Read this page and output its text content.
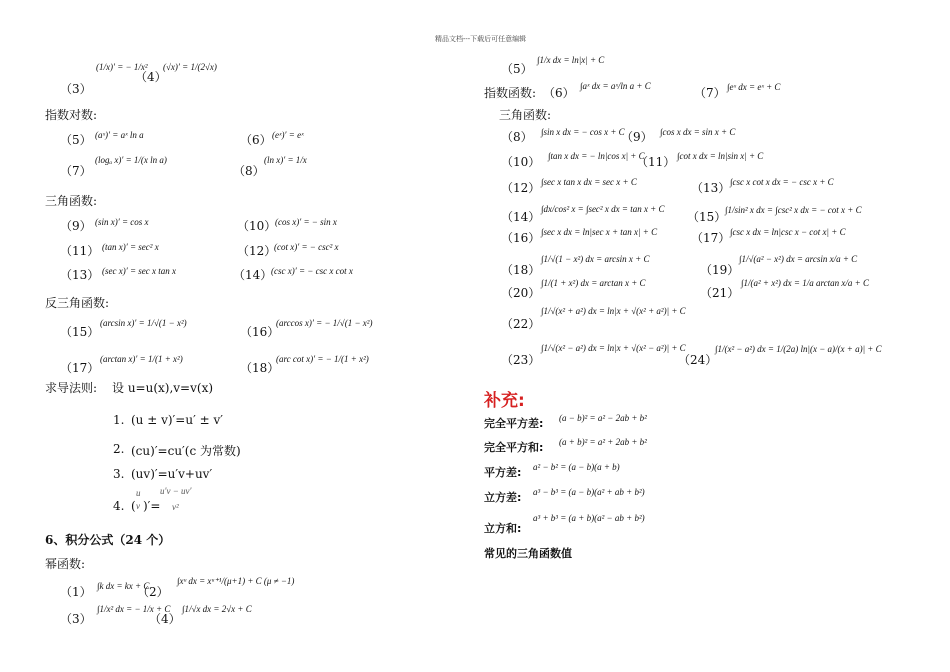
精品文档---下载后可任意编辑
(1/x)′ = − 1/x²
（3）
（4）
(√x)′ = 1/(2√x)
指数对数:
（5） (aˣ)′ = aˣ ln a	（6） (eˣ)′ = eˣ
（7）
(logₐ x)′ = 1/(x ln a)
（8）
(ln x)′ = 1/x
三角函数:
（9） (sin x)′ = cos x	（10）
(cos x)′ = − sin x
（11） (tan x)′ = sec² x	（12）
(cot x)′ = − csc² x
（13） (sec x)′ = sec x tan x	（14）
(csc x)′ = − csc x cot x
反三角函数:
（15）
(arcsin x)′ = 1/√(1 − x²)
（16）
(arccos x)′ = − 1/√(1 − x²)
（17）
(arctan x)′ = 1/(1 + x²)
（18）
(arc cot x)′ = − 1/(1 + x²)
求导法则: 设 u=u(x),v=v(x)
1. (u ± v)′=u′ ± v′
2. (cu)′=cu′(c 为常数)
3. (uv)′=u′v+uv′
4. (
u
v )′=
u′v − uv′
v²
6、积分公式（24 个）
幂函数:
（1） ∫k dx = kx + C
（2）
∫xᵘ dx = xᵘ⁺¹/(μ+1) + C (μ ≠ −1)
（3）
∫1/x² dx = − 1/x + C
（4）
∫1/√x dx = 2√x + C
（5）
∫1/x dx = ln|x| + C
指数函数: （6） ∫aˣ dx = aˣ/ln a + C	（7） ∫eˣ dx = eˣ + C
三角函数:
（8） ∫sin x dx = − cos x + C
（9） ∫cos x dx = sin x + C
（10） ∫tan x dx = − ln|cos x| + C
（11） ∫cot x dx = ln|sin x| + C
（12） ∫sec x tan x dx = sec x + C	（13） ∫csc x cot x dx = − csc x + C
（14）
∫dx/cos² x = ∫sec² x dx = tan x + C
（15）
∫1/sin² x dx = ∫csc² x dx = − cot x + C
（16） ∫sec x dx = ln|sec x + tan x| + C	（17） ∫csc x dx = ln|csc x − cot x| + C
（18）
∫1/√(1 − x²) dx = arcsin x + C
（19）
∫1/√(a² − x²) dx = arcsin x/a + C
（20）
∫1/(1 + x²) dx = arctan x + C
（21）
∫1/(a² + x²) dx = 1/a arctan x/a + C
（22）
∫1/√(x² + a²) dx = ln|x + √(x² + a²)| + C
（23）
∫1/√(x² − a²) dx = ln|x + √(x² − a²)| + C
（24）
∫1/(x² − a²) dx = 1/(2a) ln|(x − a)/(x + a)| + C
补充:
完全平方差: (a − b)² = a² − 2ab + b²
完全平方和: (a + b)² = a² + 2ab + b²
平方差: a² − b² = (a − b)(a + b)
立方差: a³ − b³ = (a − b)(a² + ab + b²)
立方和:
a³ + b³ = (a + b)(a² − ab + b²)
常见的三角函数值
